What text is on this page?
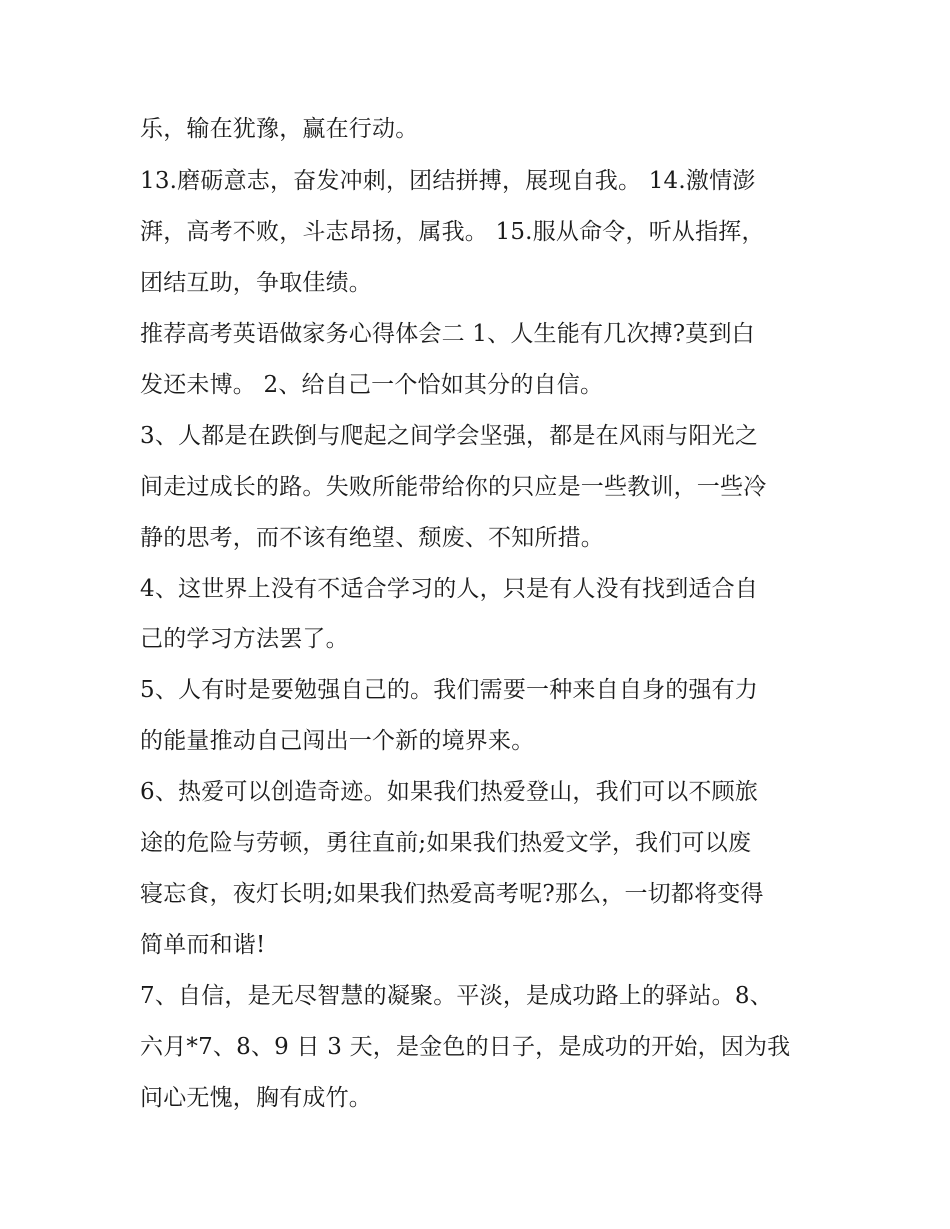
乐，输在犹豫，赢在行动。
13.磨砺意志，奋发冲刺，团结拼搏，展现自我。 14.激情澎
湃，高考不败，斗志昂扬，属我。 15.服从命令，听从指挥，
团结互助，争取佳绩。
推荐高考英语做家务心得体会二 1、人生能有几次搏?莫到白
发还未博。 2、给自己一个恰如其分的自信。
3、人都是在跌倒与爬起之间学会坚强，都是在风雨与阳光之
间走过成长的路。失败所能带给你的只应是一些教训，一些冷
静的思考，而不该有绝望、颓废、不知所措。
4、这世界上没有不适合学习的人，只是有人没有找到适合自
己的学习方法罢了。
5、人有时是要勉强自己的。我们需要一种来自自身的强有力
的能量推动自己闯出一个新的境界来。
6、热爱可以创造奇迹。如果我们热爱登山，我们可以不顾旅
途的危险与劳顿，勇往直前;如果我们热爱文学，我们可以废
寝忘食，夜灯长明;如果我们热爱高考呢?那么，一切都将变得
简单而和谐!
7、自信，是无尽智慧的凝聚。平淡，是成功路上的驿站。8、
六月*7、8、9 日 3 天，是金色的日子，是成功的开始，因为我
问心无愧，胸有成竹。
